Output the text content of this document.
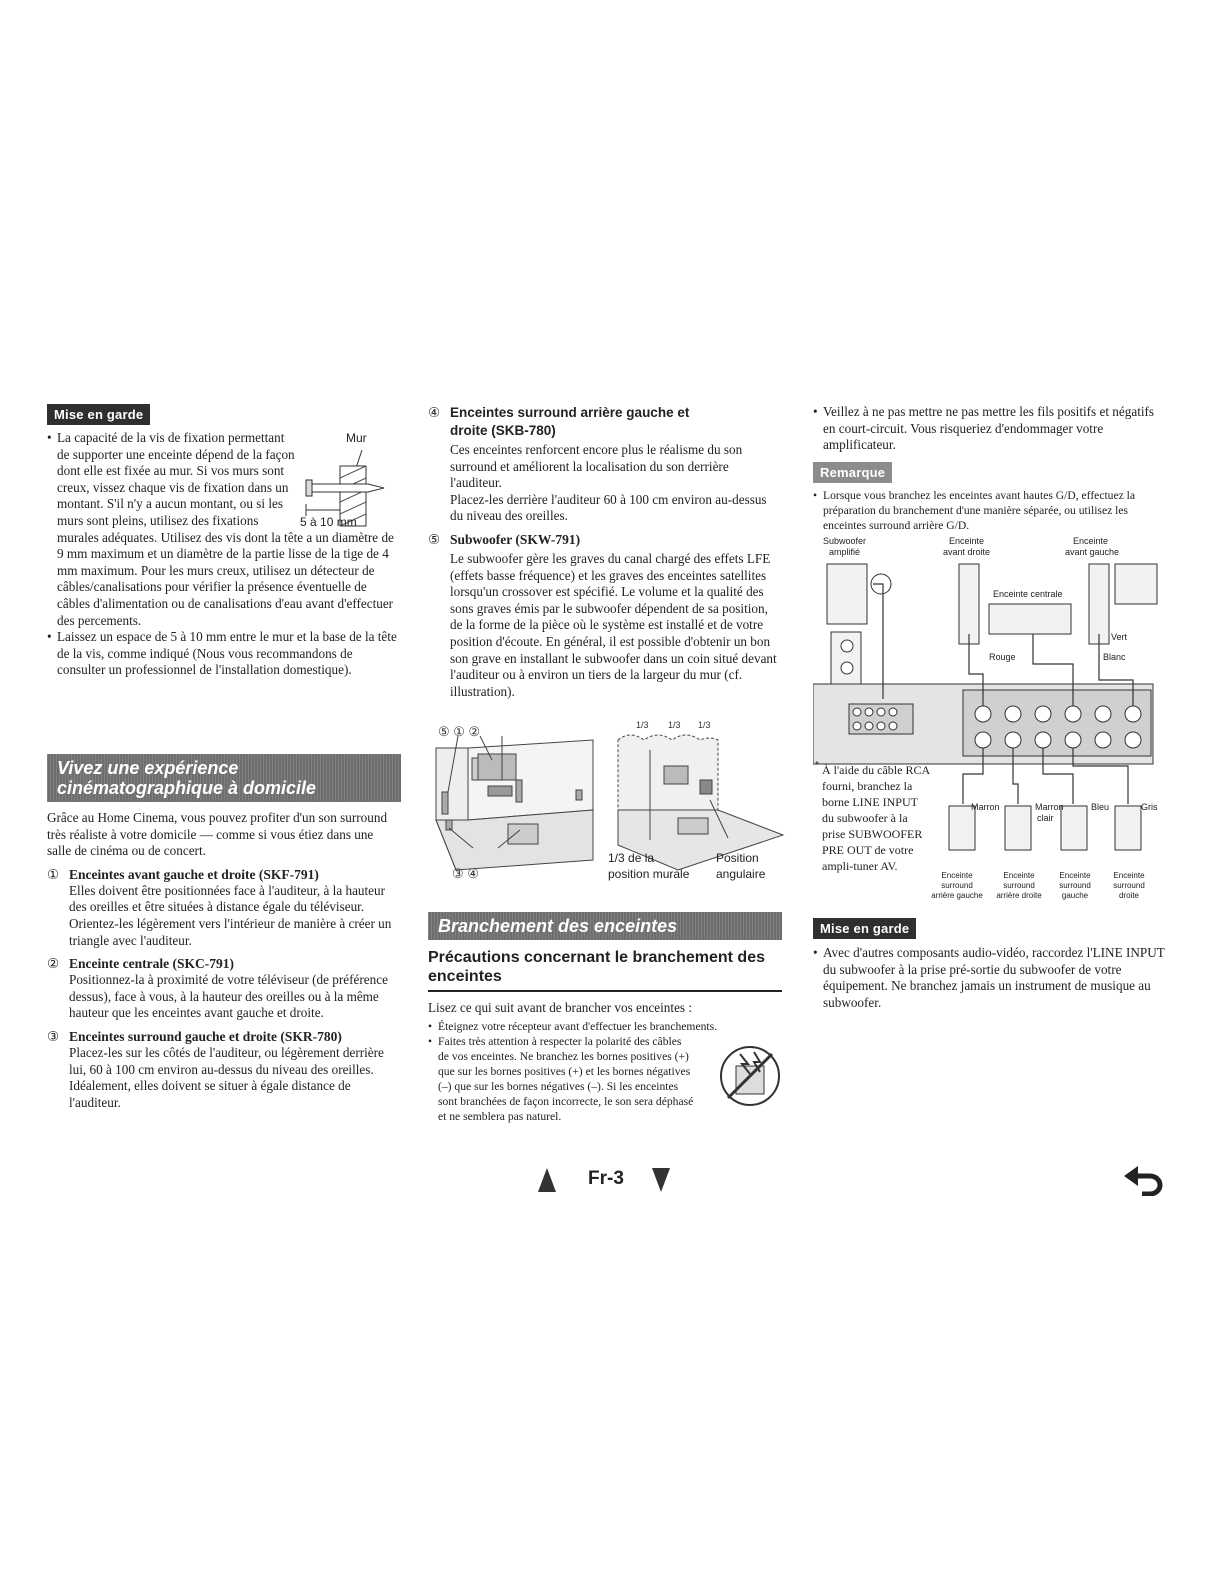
Mise en garde
• La capacité de la vis de fixation permettant de supporter une enceinte dépend de la façon dont elle est fixée au mur. Si vos murs sont creux, vissez chaque vis de fixation dans un montant. S'il n'y a aucun montant, ou si les murs sont pleins, utilisez des fixations murales adéquates. Utilisez des vis dont la tête a un diamètre de 9 mm maximum et un diamètre de la partie lisse de la tige de 4 mm maximum. Pour les murs creux, utilisez un détecteur de câbles/canalisations pour vérifier la présence éventuelle de câbles d'alimentation ou de canalisations d'eau avant d'effectuer des percements.
• Laissez un espace de 5 à 10 mm entre le mur et la base de la tête de la vis, comme indiqué (Nous vous recommandons de consulter un professionnel de l'installation domestique).
Vivez une expérience
cinématographique à domicile

Grâce au Home Cinema, vous pouvez profiter d'un son surround très réaliste à votre domicile — comme si vous étiez dans une salle de cinéma ou de concert.

① Enceintes avant gauche et droite (SKF-791)

Elles doivent être positionnées face à l'auditeur, à la hauteur des oreilles et être situées à distance égale du téléviseur. Orientez-les légèrement vers l'intérieur de manière à créer un triangle avec l'auditeur.

② Enceinte centrale (SKC-791)

Positionnez-la à proximité de votre téléviseur (de préférence dessus), face à vous, à la hauteur des oreilles ou à la même hauteur que les enceintes avant gauche et droite.

③ Enceintes surround gauche et droite (SKR-780)

Placez-les sur les côtés de l'auditeur, ou légèrement derrière lui, 60 à 100 cm environ au-dessus du niveau des oreilles. Idéalement, elles doivent se situer à égale distance de l'auditeur.

④ Enceintes surround arrière gauche et

droite (SKB-780)

Ces enceintes renforcent encore plus le réalisme du son surround et améliorent la localisation du son derrière l'auditeur.

Placez-les derrière l'auditeur 60 à 100 cm environ au-dessus du niveau des oreilles.

⑤ Subwoofer (SKW-791)

Le subwoofer gère les graves du canal chargé des effets LFE (effets basse fréquence) et les graves des enceintes satellites lorsqu'un crossover est spécifié. Le volume et la qualité des sons graves émis par le subwoofer dépendent de sa position, de la forme de la pièce où le système est installé et de votre position d'écoute. En général, il est possible d'obtenir un bon son grave en installant le subwoofer dans un coin situé devant l'auditeur ou à environ un tiers de la largeur du mur (cf. illustration).

⑤ ① ②
③ ④
1/3 1/3 1/3
1/3 de la
position murale
Position
angulaire
Branchement des enceintes
Précautions concernant le branchement des enceintes

Lisez ce qui suit avant de brancher vos enceintes :

• Éteignez votre récepteur avant d'effectuer les branchements.
• Faites très attention à respecter la polarité des câbles de vos enceintes. Ne branchez les bornes positives (+) que sur les bornes positives (+) et les bornes négatives (–) que sur les bornes négatives (–). Si les enceintes sont branchées de façon incorrecte, le son sera déphasé et ne semblera pas naturel.
• Veillez à ne pas mettre ne pas mettre les fils positifs et négatifs en court-circuit. Vous risqueriez d'endommager votre amplificateur.
Remarque
• Lorsque vous branchez les enceintes avant hautes G/D, effectuez la préparation du branchement d'une manière séparée, ou utilisez les enceintes surround arrière G/D.
Subwoofer
amplifié
Enceinte
avant droite
Enceinte
avant gauche
Enceinte centrale
Vert
Rouge	Blanc
Marron	Marron
clair
Bleu	Gris
Enceinte
surround
arrière gauche
Enceinte
surround
arrière droite
Enceinte
surround
gauche
Enceinte
surround
droite
* À l'aide du câble RCA fourni, branchez la borne LINE INPUT du subwoofer à la prise SUBWOOFER PRE OUT de votre ampli-tuner AV.
Mise en garde
• Avec d'autres composants audio-vidéo, raccordez l'LINE INPUT du subwoofer à la prise pré-sortie du subwoofer de votre équipement. Ne branchez jamais un instrument de musique au subwoofer.
Fr-3
Mur
5 à 10 mm
